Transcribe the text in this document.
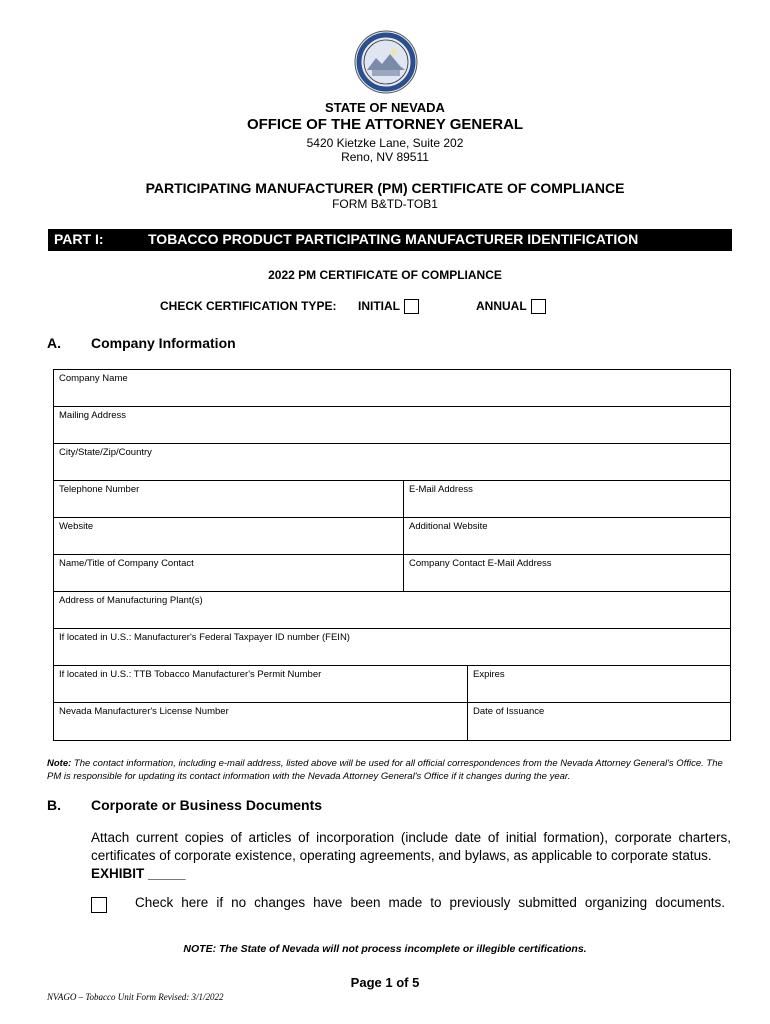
STATE OF NEVADA
OFFICE OF THE ATTORNEY GENERAL
5420 Kietzke Lane, Suite 202
Reno, NV 89511
PARTICIPATING MANUFACTURER (PM) CERTIFICATE OF COMPLIANCE
FORM B&TD-TOB1
PART I:	TOBACCO PRODUCT PARTICIPATING MANUFACTURER IDENTIFICATION
2022 PM CERTIFICATE OF COMPLIANCE
CHECK CERTIFICATION TYPE: INITIAL	ANNUAL
A. Company Information
Company Name
Mailing Address
City/State/Zip/Country
Telephone Number	E-Mail Address
Website	Additional Website
Name/Title of Company Contact	Company Contact E-Mail Address
Address of Manufacturing Plant(s)
If located in U.S.: Manufacturer's Federal Taxpayer ID number (FEIN)
If located in U.S.: TTB Tobacco Manufacturer's Permit Number	Expires
Nevada Manufacturer's License Number	Date of Issuance
Note: The contact information, including e-mail address, listed above will be used for all official correspondences from the Nevada Attorney General's Office. The PM is responsible for updating its contact information with the Nevada Attorney General's Office if it changes during the year.
B. Corporate or Business Documents
Attach current copies of articles of incorporation (include date of initial formation), corporate charters, certificates of corporate existence, operating agreements, and bylaws, as applicable to corporate status.
EXHIBIT _____
Check here if no changes have been made to previously submitted organizing documents.
NOTE: The State of Nevada will not process incomplete or illegible certifications.
Page 1 of 5
NVAGO – Tobacco Unit Form Revised: 3/1/2022
